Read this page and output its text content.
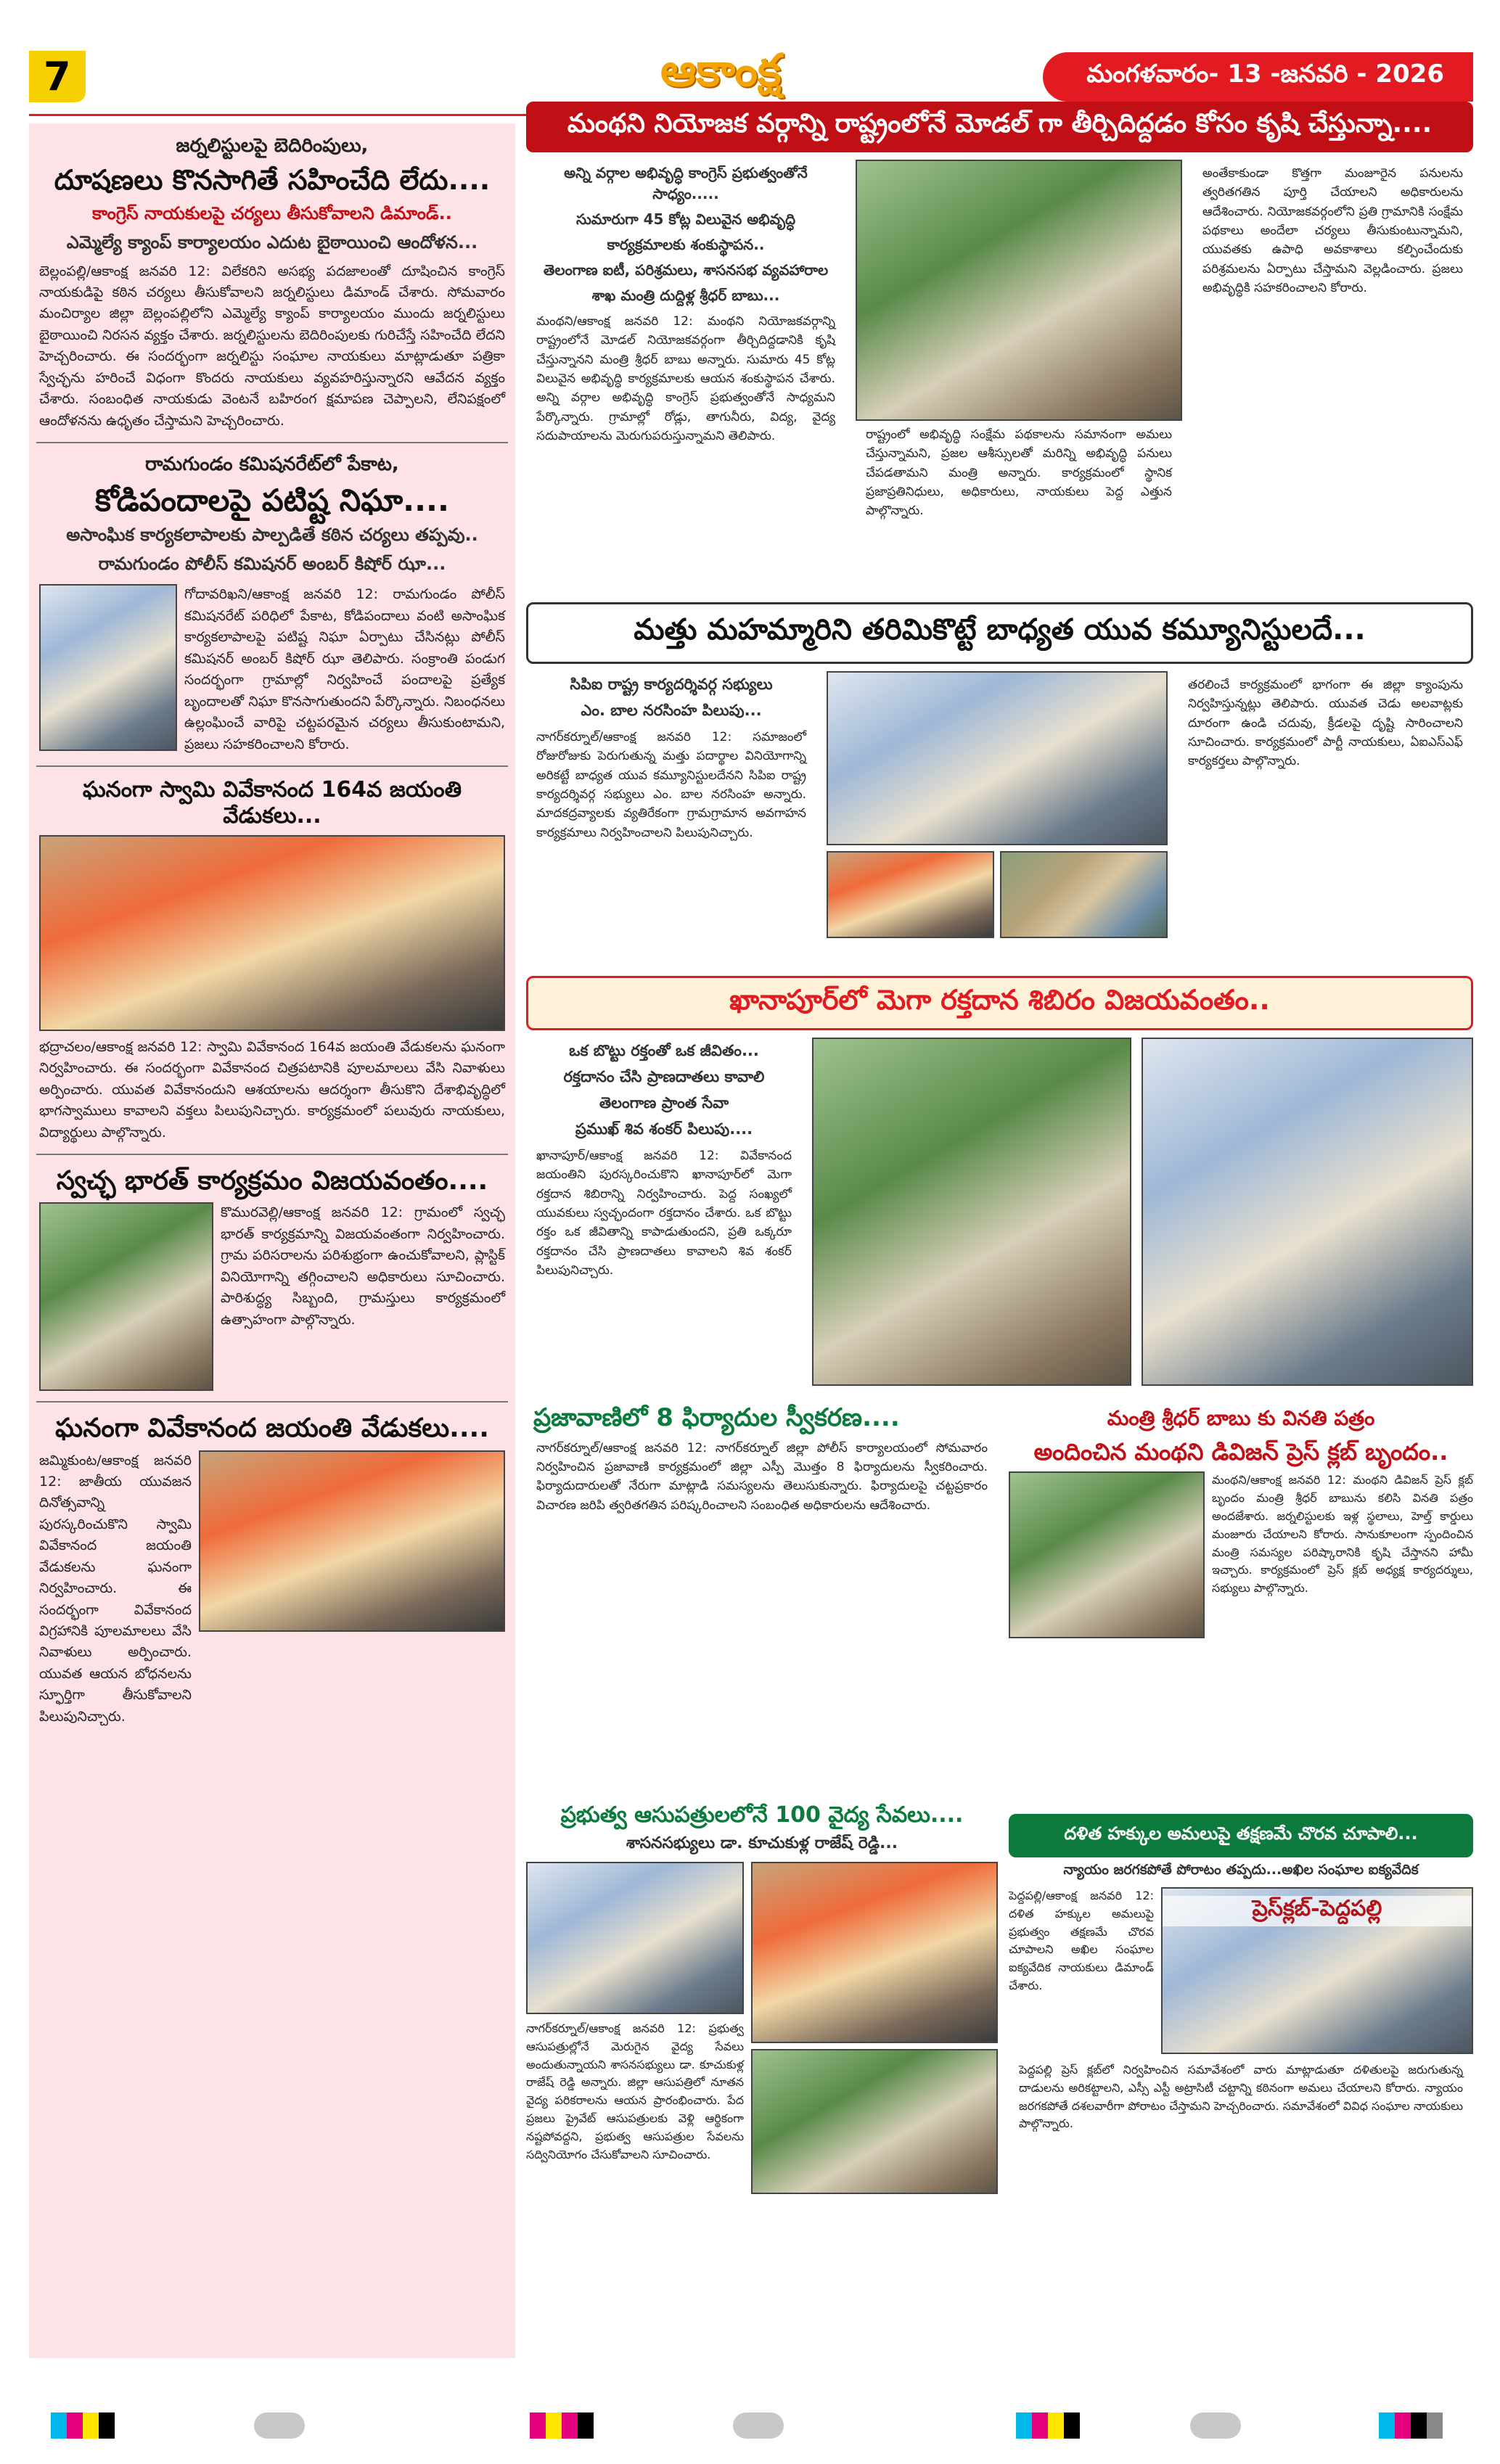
7	ఆకాంక్ష	మంగళవారం- 13 -జనవరి - 2026
జర్నలిస్టులపై బెదిరింపులు,
దూషణలు కొనసాగితే సహించేది లేదు....
కాంగ్రెస్ నాయకులపై చర్యలు తీసుకోవాలని డిమాండ్..
ఎమ్మెల్యే క్యాంప్ కార్యాలయం ఎదుట బైఠాయించి ఆందోళన...
బెల్లంపల్లి/ఆకాంక్ష జనవరి 12: విలేకరిని అసభ్య పదజాలంతో దూషించిన కాంగ్రెస్ నాయకుడిపై కఠిన చర్యలు తీసుకోవాలని జర్నలిస్టులు డిమాండ్ చేశారు. సోమవారం మంచిర్యాల జిల్లా బెల్లంపల్లిలోని ఎమ్మెల్యే క్యాంప్ కార్యాలయం ముందు జర్నలిస్టులు బైఠాయించి నిరసన వ్యక్తం చేశారు. జర్నలిస్టులను బెదిరింపులకు గురిచేస్తే సహించేది లేదని హెచ్చరించారు. ఈ సందర్భంగా జర్నలిస్టు సంఘాల నాయకులు మాట్లాడుతూ పత్రికా స్వేచ్ఛను హరించే విధంగా కొందరు నాయకులు వ్యవహరిస్తున్నారని ఆవేదన వ్యక్తం చేశారు. సంబంధిత నాయకుడు వెంటనే బహిరంగ క్షమాపణ చెప్పాలని, లేనిపక్షంలో ఆందోళనను ఉధృతం చేస్తామని హెచ్చరించారు.
రామగుండం కమిషనరేట్‌లో పేకాట,
కోడిపందాలపై పటిష్ట నిఘా....
అసాంఘిక కార్యకలాపాలకు పాల్పడితే కఠిన చర్యలు తప్పవు..
రామగుండం పోలీస్ కమిషనర్ అంబర్ కిషోర్ ఝా...
గోదావరిఖని/ఆకాంక్ష జనవరి 12: రామగుండం పోలీస్ కమిషనరేట్ పరిధిలో పేకాట, కోడిపందాలు వంటి అసాంఘిక కార్యకలాపాలపై పటిష్ట నిఘా ఏర్పాటు చేసినట్లు పోలీస్ కమిషనర్ అంబర్ కిషోర్ ఝా తెలిపారు. సంక్రాంతి పండుగ సందర్భంగా గ్రామాల్లో నిర్వహించే పందాలపై ప్రత్యేక బృందాలతో నిఘా కొనసాగుతుందని పేర్కొన్నారు. నిబంధనలు ఉల్లంఘించే వారిపై చట్టపరమైన చర్యలు తీసుకుంటామని, ప్రజలు సహకరించాలని కోరారు.
ఘనంగా స్వామి వివేకానంద 164వ జయంతి వేడుకలు...
భద్రాచలం/ఆకాంక్ష జనవరి 12: స్వామి వివేకానంద 164వ జయంతి వేడుకలను ఘనంగా నిర్వహించారు. ఈ సందర్భంగా వివేకానంద చిత్రపటానికి పూలమాలలు వేసి నివాళులు అర్పించారు. యువత వివేకానందుని ఆశయాలను ఆదర్శంగా తీసుకొని దేశాభివృద్ధిలో భాగస్వాములు కావాలని వక్తలు పిలుపునిచ్చారు. కార్యక్రమంలో పలువురు నాయకులు, విద్యార్థులు పాల్గొన్నారు.
స్వచ్ఛ భారత్ కార్యక్రమం విజయవంతం....
కొమురవెల్లి/ఆకాంక్ష జనవరి 12: గ్రామంలో స్వచ్ఛ భారత్ కార్యక్రమాన్ని విజయవంతంగా నిర్వహించారు. గ్రామ పరిసరాలను పరిశుభ్రంగా ఉంచుకోవాలని, ప్లాస్టిక్ వినియోగాన్ని తగ్గించాలని అధికారులు సూచించారు. పారిశుద్ధ్య సిబ్బంది, గ్రామస్తులు కార్యక్రమంలో ఉత్సాహంగా పాల్గొన్నారు.
ఘనంగా వివేకానంద జయంతి వేడుకలు....
జమ్మికుంట/ఆకాంక్ష జనవరి 12: జాతీయ యువజన దినోత్సవాన్ని పురస్కరించుకొని స్వామి వివేకానంద జయంతి వేడుకలను ఘనంగా నిర్వహించారు. ఈ సందర్భంగా వివేకానంద విగ్రహానికి పూలమాలలు వేసి నివాళులు అర్పించారు. యువత ఆయన బోధనలను స్ఫూర్తిగా తీసుకోవాలని పిలుపునిచ్చారు.
మంథని నియోజక వర్గాన్ని రాష్ట్రంలోనే మోడల్ గా తీర్చిదిద్దడం కోసం కృషి చేస్తున్నా....
అన్ని వర్గాల అభివృద్ధి కాంగ్రెస్ ప్రభుత్వంతోనే సాధ్యం.....
సుమారుగా 45 కోట్ల విలువైన అభివృద్ధి
కార్యక్రమాలకు శంకుస్థాపన..
తెలంగాణ ఐటీ, పరిశ్రమలు, శాసనసభ వ్యవహారాల
శాఖ మంత్రి దుద్దిళ్ల శ్రీధర్ బాబు...
మంథని/ఆకాంక్ష జనవరి 12: మంథని నియోజకవర్గాన్ని రాష్ట్రంలోనే మోడల్ నియోజకవర్గంగా తీర్చిదిద్దడానికి కృషి చేస్తున్నానని మంత్రి శ్రీధర్ బాబు అన్నారు. సుమారు 45 కోట్ల విలువైన అభివృద్ధి కార్యక్రమాలకు ఆయన శంకుస్థాపన చేశారు. అన్ని వర్గాల అభివృద్ధి కాంగ్రెస్ ప్రభుత్వంతోనే సాధ్యమని పేర్కొన్నారు. గ్రామాల్లో రోడ్లు, తాగునీరు, విద్య, వైద్య సదుపాయాలను మెరుగుపరుస్తున్నామని తెలిపారు.	రాష్ట్రంలో అభివృద్ధి సంక్షేమ పథకాలను సమానంగా అమలు చేస్తున్నామని, ప్రజల ఆశీస్సులతో మరిన్ని అభివృద్ధి పనులు చేపడతామని మంత్రి అన్నారు. కార్యక్రమంలో స్థానిక ప్రజాప్రతినిధులు, అధికారులు, నాయకులు పెద్ద ఎత్తున పాల్గొన్నారు.
అంతేకాకుండా కొత్తగా మంజూరైన పనులను త్వరితగతిన పూర్తి చేయాలని అధికారులను ఆదేశించారు. నియోజకవర్గంలోని ప్రతి గ్రామానికి సంక్షేమ పథకాలు అందేలా చర్యలు తీసుకుంటున్నామని, యువతకు ఉపాధి అవకాశాలు కల్పించేందుకు పరిశ్రమలను ఏర్పాటు చేస్తామని వెల్లడించారు. ప్రజలు అభివృద్ధికి సహకరించాలని కోరారు.
మత్తు మహమ్మారిని తరిమికొట్టే బాధ్యత యువ కమ్యూనిస్టులదే...
సిపిఐ రాష్ట్ర కార్యదర్శివర్గ సభ్యులు
ఎం. బాల నరసింహ పిలుపు...
నాగర్‌కర్నూల్/ఆకాంక్ష జనవరి 12: సమాజంలో రోజురోజుకు పెరుగుతున్న మత్తు పదార్థాల వినియోగాన్ని అరికట్టే బాధ్యత యువ కమ్యూనిస్టులదేనని సిపిఐ రాష్ట్ర కార్యదర్శివర్గ సభ్యులు ఎం. బాల నరసింహ అన్నారు. మాదకద్రవ్యాలకు వ్యతిరేకంగా గ్రామగ్రామాన అవగాహన కార్యక్రమాలు నిర్వహించాలని పిలుపునిచ్చారు.
తరలించే కార్యక్రమంలో భాగంగా ఈ జిల్లా క్యాంపును నిర్వహిస్తున్నట్లు తెలిపారు. యువత చెడు అలవాట్లకు దూరంగా ఉండి చదువు, క్రీడలపై దృష్టి సారించాలని సూచించారు. కార్యక్రమంలో పార్టీ నాయకులు, ఏఐఎస్ఎఫ్ కార్యకర్తలు పాల్గొన్నారు.
ఖానాపూర్‌లో మెగా రక్తదాన శిబిరం విజయవంతం..
ఒక బొట్టు రక్తంతో ఒక జీవితం...
రక్తదానం చేసి ప్రాణదాతలు కావాలి
తెలంగాణ ప్రాంత సేవా
ప్రముఖ్ శివ శంకర్ పిలుపు....
ఖానాపూర్/ఆకాంక్ష జనవరి 12: వివేకానంద జయంతిని పురస్కరించుకొని ఖానాపూర్‌లో మెగా రక్తదాన శిబిరాన్ని నిర్వహించారు. పెద్ద సంఖ్యలో యువకులు స్వచ్ఛందంగా రక్తదానం చేశారు. ఒక బొట్టు రక్తం ఒక జీవితాన్ని కాపాడుతుందని, ప్రతి ఒక్కరూ రక్తదానం చేసి ప్రాణదాతలు కావాలని శివ శంకర్ పిలుపునిచ్చారు.
ప్రజావాణిలో 8 ఫిర్యాదుల స్వీకరణ....
నాగర్‌కర్నూల్/ఆకాంక్ష జనవరి 12: నాగర్‌కర్నూల్ జిల్లా పోలీస్ కార్యాలయంలో సోమవారం నిర్వహించిన ప్రజావాణి కార్యక్రమంలో జిల్లా ఎస్పీ మొత్తం 8 ఫిర్యాదులను స్వీకరించారు. ఫిర్యాదుదారులతో నేరుగా మాట్లాడి సమస్యలను తెలుసుకున్నారు. ఫిర్యాదులపై చట్టప్రకారం విచారణ జరిపి త్వరితగతిన పరిష్కరించాలని సంబంధిత అధికారులను ఆదేశించారు.
ప్రభుత్వ ఆసుపత్రులలోనే 100 వైద్య సేవలు....
శాసనసభ్యులు డా. కూచుకుళ్ల రాజేష్ రెడ్డి...
నాగర్‌కర్నూల్/ఆకాంక్ష జనవరి 12: ప్రభుత్వ ఆసుపత్రుల్లోనే మెరుగైన వైద్య సేవలు అందుతున్నాయని శాసనసభ్యులు డా. కూచుకుళ్ల రాజేష్ రెడ్డి అన్నారు. జిల్లా ఆసుపత్రిలో నూతన వైద్య పరికరాలను ఆయన ప్రారంభించారు. పేద ప్రజలు ప్రైవేట్ ఆసుపత్రులకు వెళ్లి ఆర్థికంగా నష్టపోవద్దని, ప్రభుత్వ ఆసుపత్రుల సేవలను సద్వినియోగం చేసుకోవాలని సూచించారు.
మంత్రి శ్రీధర్ బాబు కు వినతి పత్రం
అందించిన మంథని డివిజన్ ప్రెస్ క్లబ్ బృందం..
మంథని/ఆకాంక్ష జనవరి 12: మంథని డివిజన్ ప్రెస్ క్లబ్ బృందం మంత్రి శ్రీధర్ బాబును కలిసి వినతి పత్రం అందజేశారు. జర్నలిస్టులకు ఇళ్ల స్థలాలు, హెల్త్ కార్డులు మంజూరు చేయాలని కోరారు. సానుకూలంగా స్పందించిన మంత్రి సమస్యల పరిష్కారానికి కృషి చేస్తానని హామీ ఇచ్చారు. కార్యక్రమంలో ప్రెస్ క్లబ్ అధ్యక్ష కార్యదర్శులు, సభ్యులు పాల్గొన్నారు.
దళిత హక్కుల అమలుపై తక్షణమే చొరవ చూపాలి...
న్యాయం జరగకపోతే పోరాటం తప్పదు...అఖిల సంఘాల ఐక్యవేదిక
పెద్దపల్లి/ఆకాంక్ష జనవరి 12: దళిత హక్కుల అమలుపై ప్రభుత్వం తక్షణమే చొరవ చూపాలని అఖిల సంఘాల ఐక్యవేదిక నాయకులు డిమాండ్ చేశారు.
ప్రెస్‌క్లబ్-పెద్దపల్లి
పెద్దపల్లి ప్రెస్ క్లబ్‌లో నిర్వహించిన సమావేశంలో వారు మాట్లాడుతూ దళితులపై జరుగుతున్న దాడులను అరికట్టాలని, ఎస్సీ ఎస్టీ అట్రాసిటీ చట్టాన్ని కఠినంగా అమలు చేయాలని కోరారు. న్యాయం జరగకపోతే దశలవారీగా పోరాటం చేస్తామని హెచ్చరించారు. సమావేశంలో వివిధ సంఘాల నాయకులు పాల్గొన్నారు.
